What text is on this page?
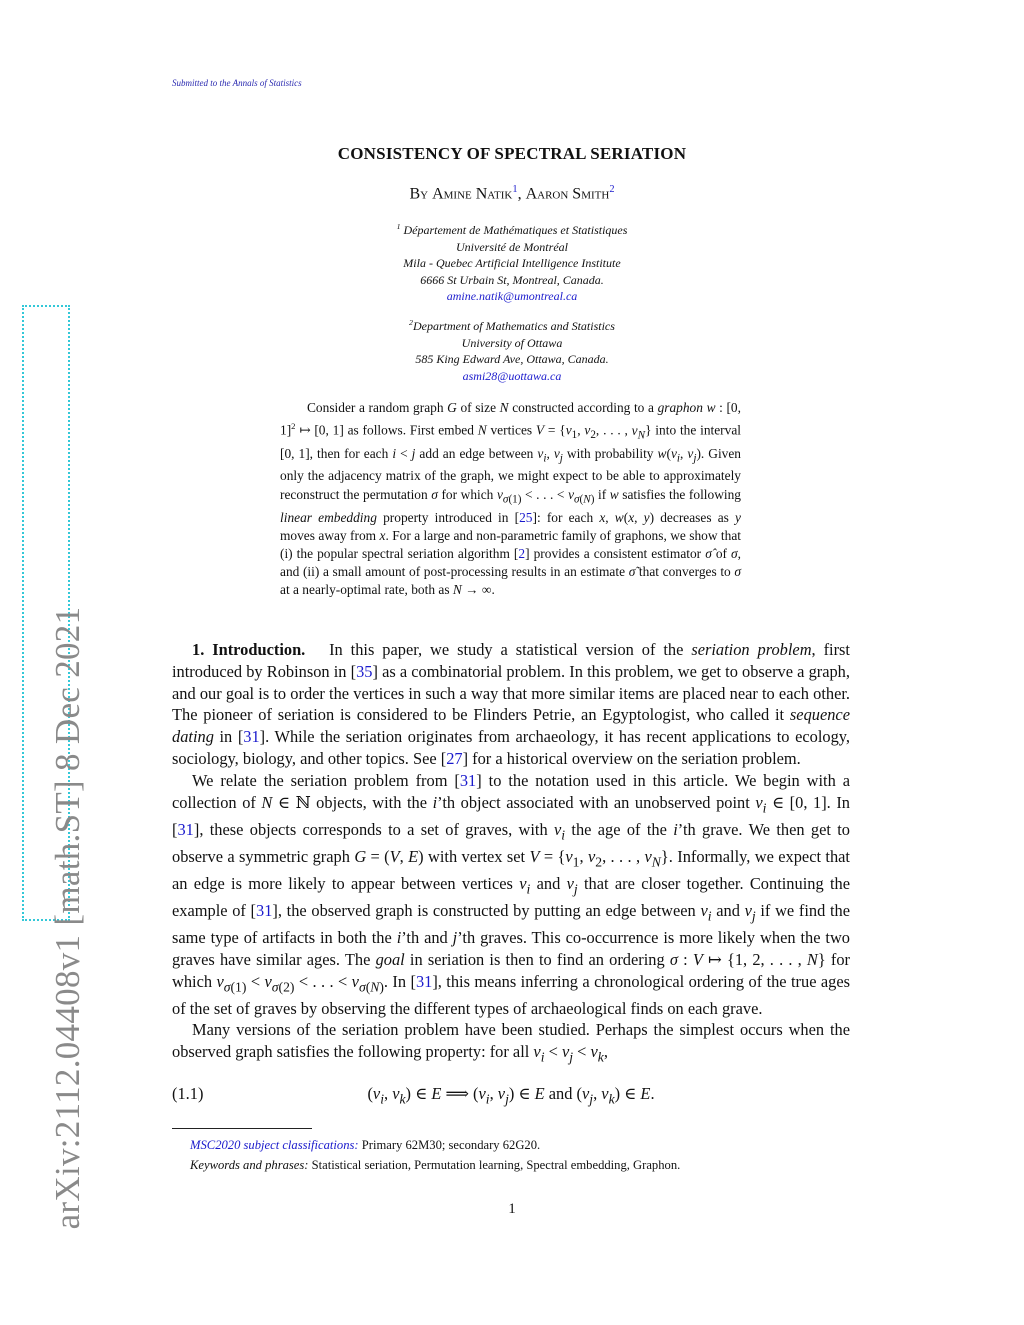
Submitted to the Annals of Statistics
arXiv:2112.04408v1 [math.ST] 8 Dec 2021
CONSISTENCY OF SPECTRAL SERIATION
By Amine Natik$^1$, Aaron Smith$^2$
$^1$ Département de Mathématiques et Statistiques
Université de Montréal
Mila - Quebec Artificial Intelligence Institute
6666 St Urbain St, Montreal, Canada.
amine.natik@umontreal.ca
$^2$Department of Mathematics and Statistics
University of Ottawa
585 King Edward Ave, Ottawa, Canada.
asmi28@uottawa.ca

Consider a random graph G of size N constructed according to a graphon w : [0, 1]$^2$ ↦ [0, 1] as follows. First embed N vertices $V = \{v_1$, $v_2$, . . . , $v_N$} into the interval [0, 1], then for each i < j add an edge between $v_i$, $v_j$ with probability $w(v_i$, $v_j$). Given only the adjacency matrix of the graph, we might expect to be able to approximately reconstruct the permutation σ for which $v_{\sigma(1)}$ < . . . < $v_{\sigma(N)}$ if w satisfies the following linear embedding property introduced in [25]: for each x, w(x, y) decreases as y moves away from x. For a large and non-parametric family of graphons, we show that (i) the popular spectral seriation algorithm [2] provides a consistent estimator σ̂ of σ, and (ii) a small amount of post-processing results in an estimate σ̃ that converges to σ at a nearly-optimal rate, both as N → ∞.

1. Introduction.   In this paper, we study a statistical version of the seriation problem, first introduced by Robinson in [35] as a combinatorial problem. In this problem, we get to observe a graph, and our goal is to order the vertices in such a way that more similar items are placed near to each other. The pioneer of seriation is considered to be Flinders Petrie, an Egyptologist, who called it sequence dating in [31]. While the seriation originates from archaeology, it has recent applications to ecology, sociology, biology, and other topics. See [27] for a historical overview on the seriation problem.

We relate the seriation problem from [31] to the notation used in this article. We begin with a collection of N ∈ ℕ objects, with the i’th object associated with an unobserved point $v_i$ ∈ [0, 1]. In [31], these objects corresponds to a set of graves, with $v_i$ the age of the i’th grave. We then get to observe a symmetric graph G = (V, E) with vertex set $V = \{v_1$, $v_2$, . . . , $v_N$}. Informally, we expect that an edge is more likely to appear between vertices $v_i$ and $v_j$ that are closer together. Continuing the example of [31], the observed graph is constructed by putting an edge between $v_i$ and $v_j$ if we find the same type of artifacts in both the i’th and j’th graves. This co-occurrence is more likely when the two graves have similar ages. The goal in seriation is then to find an ordering σ : V ↦ {1, 2, . . . , N} for which $v_{\sigma(1)} < v_{\sigma(2)}$ < . . . < $v_{\sigma(N)}$. In [31], this means inferring a chronological ordering of the true ages of the set of graves by observing the different types of archaeological finds on each grave.

Many versions of the seriation problem have been studied. Perhaps the simplest occurs when the observed graph satisfies the following property: for all $v_i < v_j < v_k$,

(1.1)	($v_i$, $v_k$) ∈ E ⟹ ($v_i$, $v_j$) ∈ E and ($v_j$, $v_k$) ∈ E.
MSC2020 subject classifications: Primary 62M30; secondary 62G20.
Keywords and phrases: Statistical seriation, Permutation learning, Spectral embedding, Graphon.
1
